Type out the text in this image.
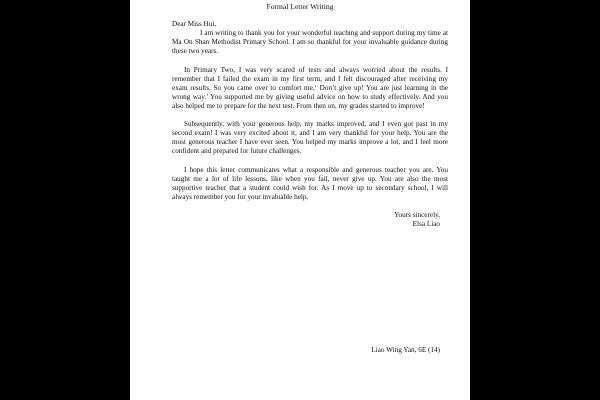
Formal Letter Writing

Dear Miss Hui,

I am writing to thank you for your wonderful teaching and support during my time at Ma On Shan Methodist Primary School. I am so thankful for your invaluable guidance during these two years.

In Primary Two, I was very scared of tests and always worried about the results. I remember that I failed the exam in my first term, and I felt discouraged after receiving my exam results. So you came over to comfort me,‘ Don’t give up! You are just learning in the wrong way.’ You supported me by giving useful advice on how to study effectively. And you also helped me to prepare for the next test. From then on, my grades started to improve!

Subsequently, with your generous help, my marks improved, and I even got past in my second exam! I was very excited about it, and I am very thankful for your help. You are the most generous teacher I have ever seen. You helped my marks improve a lot, and I feel more confident and prepared for future challenges.

I hope this letter communicates what a responsible and generous teacher you are. You taught me a lot of life lessons, like when you fail, never give up. You are also the most supportive teacher that a student could wish for. As I move up to secondary school, I will always remember you for your invaluable help.

Yours sincerely,

Elsa Liao

Liao Wing Yan, 6E (14)
